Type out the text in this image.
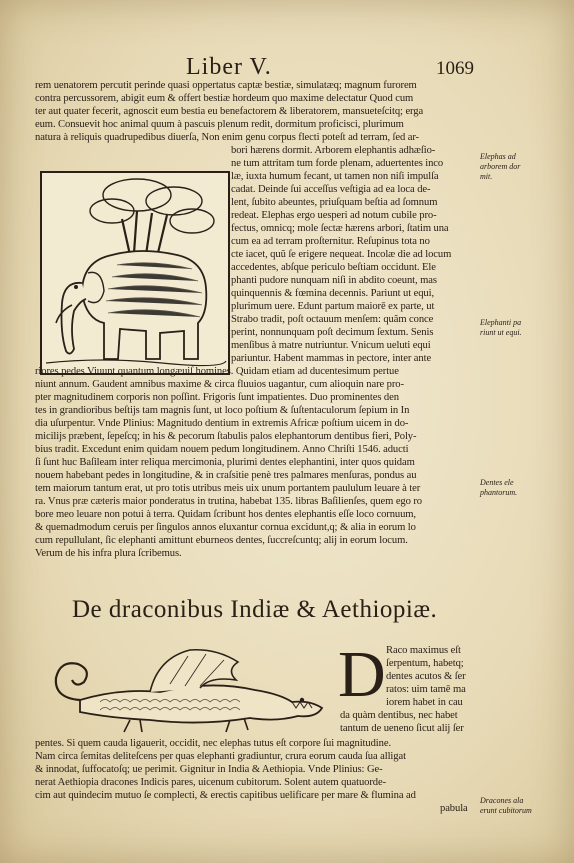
Liber V.	1069
rem uenatorem percutit perinde quasi oppertatus captæ bestiæ, simulatæq; magnum furorem
contra percussorem, abigit eum & offert bestiæ hordeum quo maxime delectatur Quod cum
ter aut quater fecerit, agnoscit eum bestia eu benefactorem & liberatorem, mansueteſcitq; erga
eum. Consuevit hoc animal quum à pascuis plenum redit, dormitum proficisci, plurimum
natura à reliquis quadrupedibus diuerſa, Non enim genu corpus flecti poteſt ad terram, ſed ar-
bori hærens dormit. Arborem elephantis adhæſio-
ne tum attritam tum forde plenam, aduertentes inco
læ, iuxta humum fecant, ut tamen non niſi impulſa
cadat. Deinde ſui acceſſus veſtigia ad ea loca de-
lent, ſubito abeuntes, priuſquam beſtia ad ſomnum
redeat. Elephas ergo uesperi ad notum cubile pro-
fectus, omnicq; mole ſectæ hærens arbori, ſtatim una
cum ea ad terram proſternitur. Reſupinus tota no
cte iacet, quũ ſe erigere nequeat. Incolæ die ad locum
accedentes, abſque periculo beſtiam occidunt. Ele
phanti pudore nunquam niſi in abdito coeunt, mas
quinquennis & fœmina decennis. Pariunt ut equi,
plurimum uere. Edunt partum maiorē ex parte, ut
Strabo tradit, poſt octauum menſem: quãm conce
perint, nonnunquam poſt decimum ſextum. Senis
menſibus à matre nutriuntur. Vnicum ueluti equi
pariuntur. Habent mammas in pectore, inter ante
riores pedes Viuunt quantum longæuiſ homines. Quidam etiam ad ducentesimum pertue
niunt annum. Gaudent amnibus maxime & circa fluuios uagantur, cum alioquin nare pro-
pter magnitudinem corporis non poſſint. Frigoris ſunt impatientes. Duo prominentes den
tes in grandioribus beſtijs tam magnis ſunt, ut loco poſtium & ſuſtentaculorum ſepium in In
dia uſurpentur. Vnde Plinius: Magnitudo dentium in extremis Africæ poſtium uicem in do-
micilijs præbent, ſepeſcq; in his & pecorum ſtabulis palos elephantorum dentibus fieri, Poly-
bius tradit. Excedunt enim quidam nouem pedum longitudinem. Anno Chriſti 1546. aducti
ſi ſunt huc Baſileam inter reliqua mercimonia, plurimi dentes elephantini, inter quos quidam
nouem habebant pedes in longitudine, & in craſsitie penè tres palmares menſuras, pondus au
tem maiorum tantum erat, ut pro totis utribus meis uix unum portantem paululum leuare à ter
ra. Vnus præ cæteris maior ponderatus in trutina, habebat 135. libras Baſilienſes, quem ego ro
bore meo leuare non potui à terra. Quidam ſcribunt hos dentes elephantis eſſe loco cornuum,
& quemadmodum ceruis per ſingulos annos eluxantur cornua excidunt,q; & alia in eorum lo
cum repullulant, ſic elephanti amittunt eburneos dentes, ſuccreſcuntq; alij in eorum locum.
Verum de his infra plura ſcribemus.
De draconibus Indiæ & Aethiopiæ.
D Raco maximus eſt
ſerpentum, habetq;
dentes acutos & ſer
ratos: uim tamē ma
iorem habet in cau
da quàm dentibus, nec habet
tantum de ueneno ſicut alij ſer
pentes. Si quem cauda ligauerit, occidit, nec elephas tutus eſt corpore ſui magnitudine.
Nam circa ſemitas deliteſcens per quas elephanti gradiuntur, crura eorum cauda ſua alligat
& innodat, ſuffocatoſq; ue perimit. Gignitur in India & Aethiopia. Vnde Plinius: Ge-
nerat Aethiopia dracones Indicis pares, uicenum cubitorum. Solent autem quatuorde-
cim aut quindecim mutuo ſe complecti, & erectis capitibus uelificare per mare & flumina ad
pabula
Elephas ad
arborem dor
mit.
Elephanti pa
riunt ut equi.
Dentes ele
phantorum.
Dracones ala
erunt cubitorum
